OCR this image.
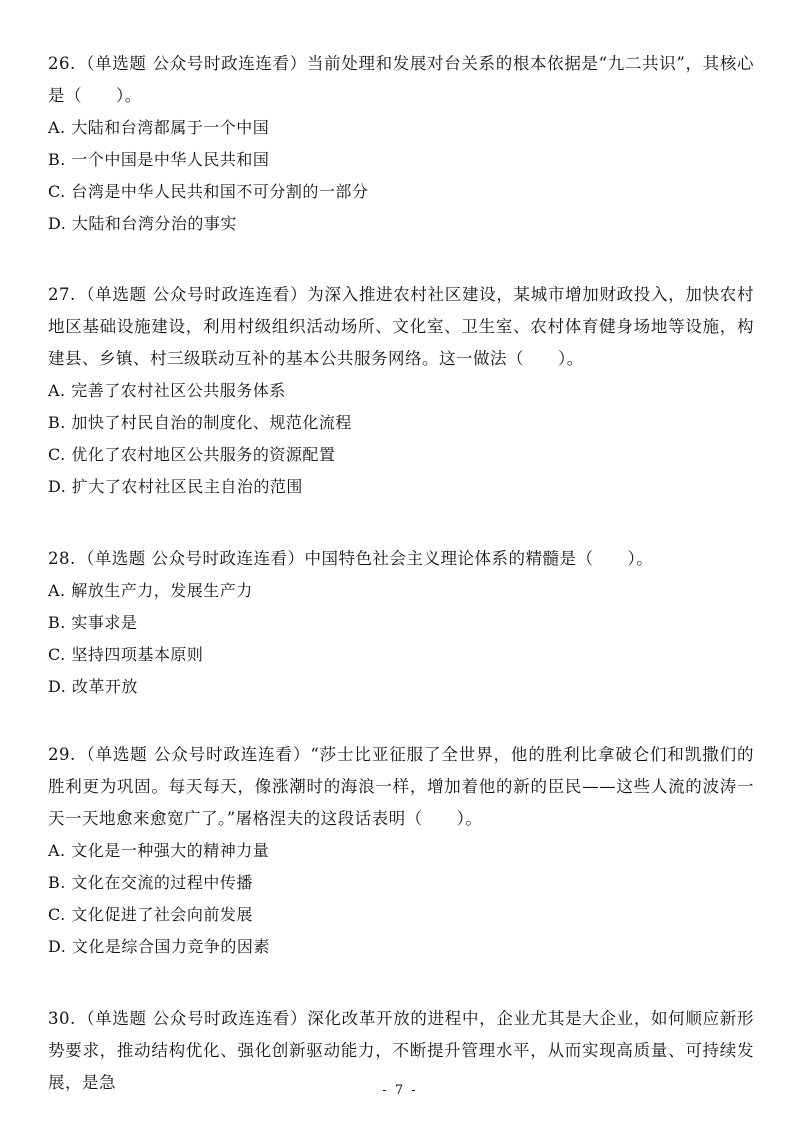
26. （单选题 公众号时政连连看）当前处理和发展对台关系的根本依据是“九二共识”，其核心是（　　）。

A. 大陆和台湾都属于一个中国

B. 一个中国是中华人民共和国

C. 台湾是中华人民共和国不可分割的一部分

D. 大陆和台湾分治的事实

27. （单选题 公众号时政连连看）为深入推进农村社区建设，某城市增加财政投入，加快农村地区基础设施建设，利用村级组织活动场所、文化室、卫生室、农村体育健身场地等设施，构建县、乡镇、村三级联动互补的基本公共服务网络。这一做法（　　）。

A. 完善了农村社区公共服务体系

B. 加快了村民自治的制度化、规范化流程

C. 优化了农村地区公共服务的资源配置

D. 扩大了农村社区民主自治的范围

28. （单选题 公众号时政连连看）中国特色社会主义理论体系的精髓是（　　）。

A. 解放生产力，发展生产力

B. 实事求是

C. 坚持四项基本原则

D. 改革开放

29. （单选题 公众号时政连连看）“莎士比亚征服了全世界，他的胜利比拿破仑们和凯撒们的胜利更为巩固。每天每天，像涨潮时的海浪一样，增加着他的新的臣民——这些人流的波涛一天一天地愈来愈宽广了。”屠格涅夫的这段话表明（　　）。

A. 文化是一种强大的精神力量

B. 文化在交流的过程中传播

C. 文化促进了社会向前发展

D. 文化是综合国力竞争的因素

30. （单选题 公众号时政连连看）深化改革开放的进程中，企业尤其是大企业，如何顺应新形势要求，推动结构优化、强化创新驱动能力，不断提升管理水平，从而实现高质量、可持续发展，是急	- 7 -
